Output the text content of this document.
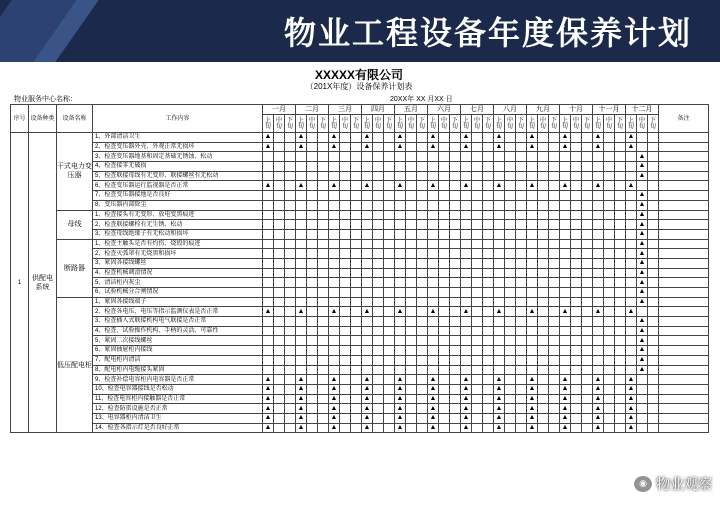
物业工程设备年度保养计划
XXXXX有限公司
（201X年度）设备保养计划表
物业服务中心名称：	20XX年 XX 月XX 日
序号	设备种类	设备名称	工作内容	一月			二月			三月			四月			五月			六月			七月			八月			九月			十月			十一月			十二月			备注
				上旬	中旬	下旬	上旬	中旬	下旬	上旬	中旬	下旬	上旬	中旬	下旬	上旬	中旬	下旬	上旬	中旬	下旬	上旬	中旬	下旬	上旬	中旬	下旬	上旬	中旬	下旬	上旬	中旬	下旬	上旬	中旬	下旬	上旬	中旬	下旬	
1	供配电系统	干式电力变压器	1、外部清洁卫生	▲			▲			▲			▲			▲			▲			▲			▲			▲			▲			▲			▲			
			2、检查变压器外壳、外观正常无损坏	▲			▲			▲			▲			▲			▲			▲			▲			▲			▲			▲			▲			
			3、检查变压器地基和固定基础无锈蚀、松动																																			▲		
			4、检查接零无破损																																			▲		
			5、检查联接母线有无变形、联接螺丝有无松动																																			▲		
			6、检查变压器运行监视器是否正常	▲			▲			▲			▲			▲			▲			▲			▲			▲			▲			▲			▲			
			7、检查变压器接地是否良好																																			▲		
			8、变压器内部除尘																																			▲		
		母线	1、检查接头有无变形、放电变黑痕迹																																			▲		
			2、检查联接螺栓有无生锈、松动																																			▲		
			3、检查母线绝缘子有无松动和损坏																																			▲		
		断路器	1、检查主触头是否有灼伤、烧毁的痕迹																																			▲		
			2、检查灭弧罩有无烧黑和损坏																																			▲		
			3、紧固各接线螺丝																																			▲		
			4、检查机械调滑情况																																			▲		
			5、清洁柜内灰尘																																			▲		
			6、试验机械分合闸情况																																			▲		
		低压配电柜	1、紧固各接线端子																																			▲		
			2、检查各电压、电压等指示监测仪表是否正常	▲			▲			▲			▲			▲			▲			▲			▲			▲			▲			▲			▲			
			3、检查插入式联接机构电气联接是否正常																																			▲		
			4、检查、试验操作机构、手柄的灵活、可靠性																																			▲		
			5、紧固二次接线螺丝																																			▲		
			6、紧固抽屉柜内接线																																			▲		
			7、配电柜内清洁																																			▲		
			8、配电柜内电缆接头紧固																																			▲		
			9、检查补偿电容柜内电容器是否正常	▲			▲			▲			▲			▲			▲			▲			▲			▲			▲			▲			▲			
			10、检查电容器接线是否松动	▲			▲			▲			▲			▲			▲			▲			▲			▲			▲			▲			▲			
			11、检查电容柜内接触器是否正常	▲			▲			▲			▲			▲			▲			▲			▲			▲			▲			▲			▲			
			12、检查防雷设施是否正常	▲			▲			▲			▲			▲			▲			▲			▲			▲			▲			▲			▲			
			13、电容器柜内清洁卫生	▲			▲			▲			▲			▲			▲			▲			▲			▲			▲			▲			▲			
			14、检查各指示灯是否良好正常	▲			▲			▲			▲			▲			▲			▲			▲			▲			▲			▲			▲			
◉ 物业观察
